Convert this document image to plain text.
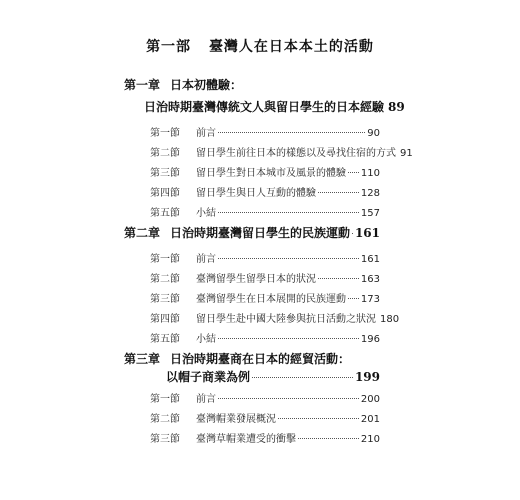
第一部 臺灣人在日本本土的活動
第一章 日本初體驗：
日治時期臺灣傳統文人與留日學生的日本經驗 89
第一節	前言	90
第二節	留日學生前往日本的樣態以及尋找住宿的方式 91
第三節	留日學生對日本城市及風景的體驗 110
第四節	留日學生與日人互動的體驗	128
第五節	小結	157
第二章 日治時期臺灣留日學生的民族運動 161
第一節	前言	161
第二節	臺灣留學生留學日本的狀況	163
第三節	臺灣留學生在日本展開的民族運動 173
第四節	留日學生赴中國大陸參與抗日活動之狀況 180
第五節	小結	196
第三章 日治時期臺商在日本的經貿活動：
以帽子商業為例	199
第一節	前言	200
第二節	臺灣帽業發展概況	201
第三節	臺灣草帽業遭受的衝擊	210
